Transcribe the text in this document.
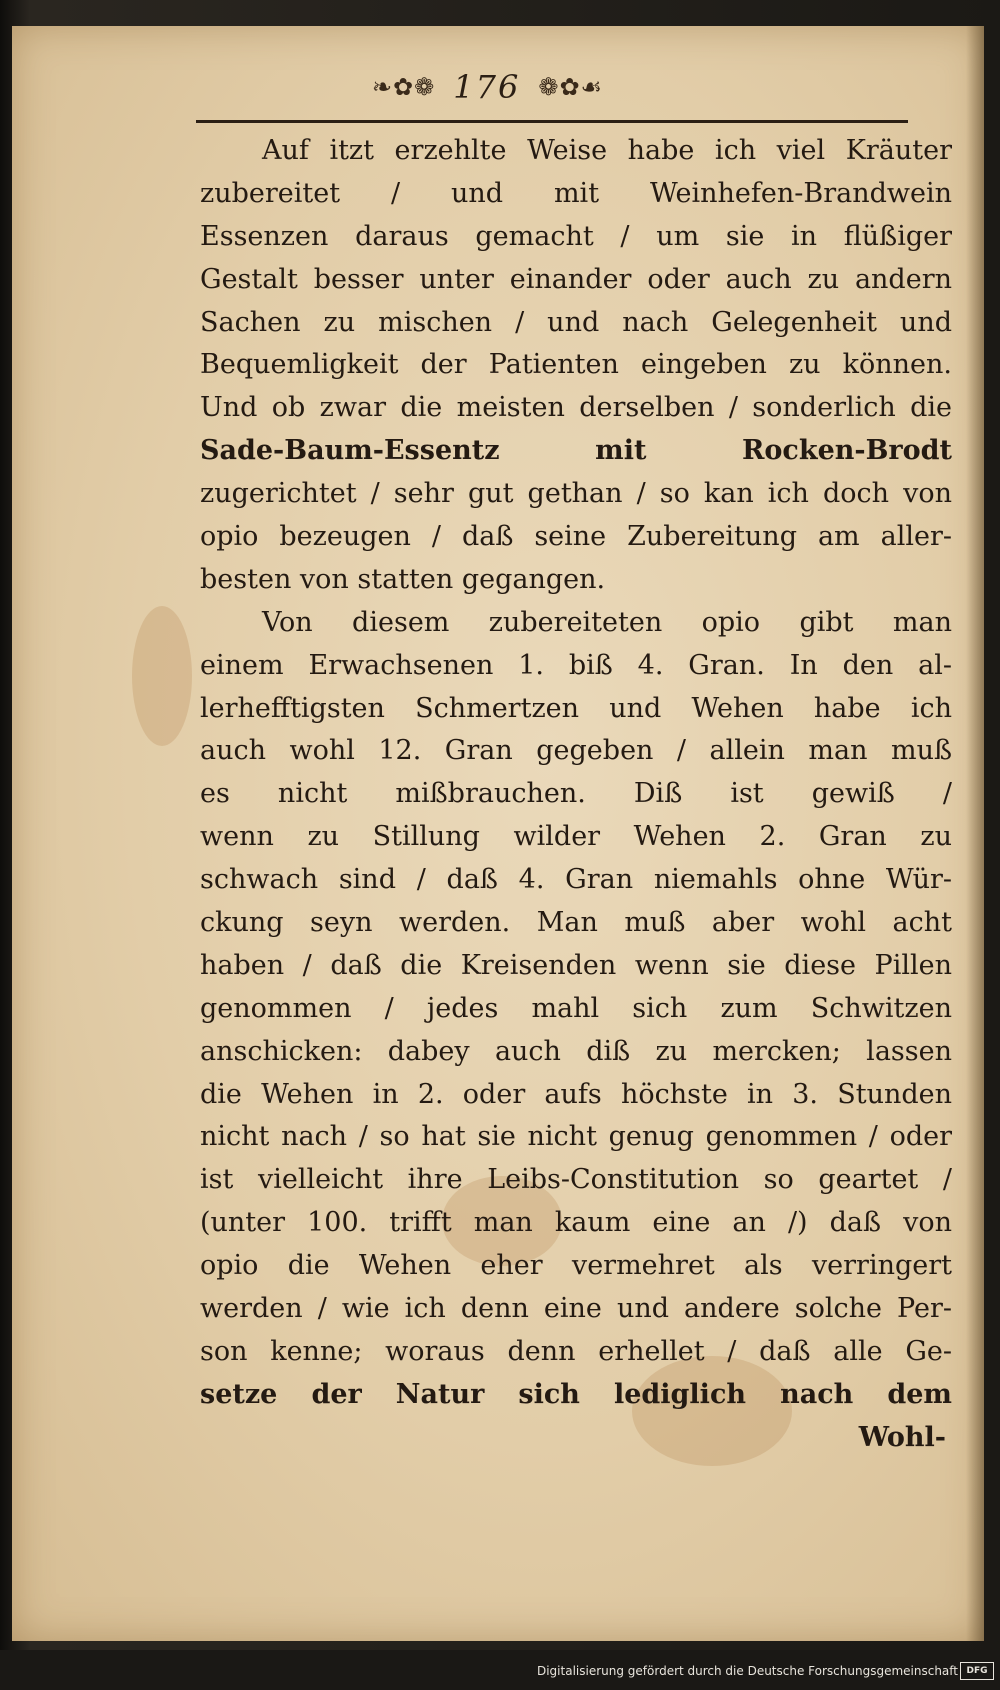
❧✿❁ 176 ❁✿☙
Auf itzt erzehlte Weise habe ich viel Kräuter
zubereitet / und mit Weinhefen-Brandwein
Essenzen daraus gemacht / um sie in flüßiger
Gestalt besser unter einander oder auch zu andern
Sachen zu mischen / und nach Gelegenheit und
Bequemligkeit der Patienten eingeben zu können.
Und ob zwar die meisten derselben / sonderlich die
Sade-Baum-Essentz mit Rocken-Brodt
zugerichtet / sehr gut gethan / so kan ich doch von
opio bezeugen / daß seine Zubereitung am aller-
besten von statten gegangen.
Von diesem zubereiteten opio gibt man
einem Erwachsenen 1. biß 4. Gran. In den al-
lerhefftigsten Schmertzen und Wehen habe ich
auch wohl 12. Gran gegeben / allein man muß
es nicht mißbrauchen. Diß ist gewiß /
wenn zu Stillung wilder Wehen 2. Gran zu
schwach sind / daß 4. Gran niemahls ohne Wür-
ckung seyn werden. Man muß aber wohl acht
haben / daß die Kreisenden wenn sie diese Pillen
genommen / jedes mahl sich zum Schwitzen
anschicken: dabey auch diß zu mercken; lassen
die Wehen in 2. oder aufs höchste in 3. Stunden
nicht nach / so hat sie nicht genug genommen / oder
ist vielleicht ihre Leibs-Constitution so geartet /
(unter 100. trifft man kaum eine an /) daß von
opio die Wehen eher vermehret als verringert
werden / wie ich denn eine und andere solche Per-
son kenne; woraus denn erhellet / daß alle Ge-
setze der Natur sich lediglich nach dem
Wohl-
Digitalisierung gefördert durch die Deutsche Forschungsgemeinschaft DFG
